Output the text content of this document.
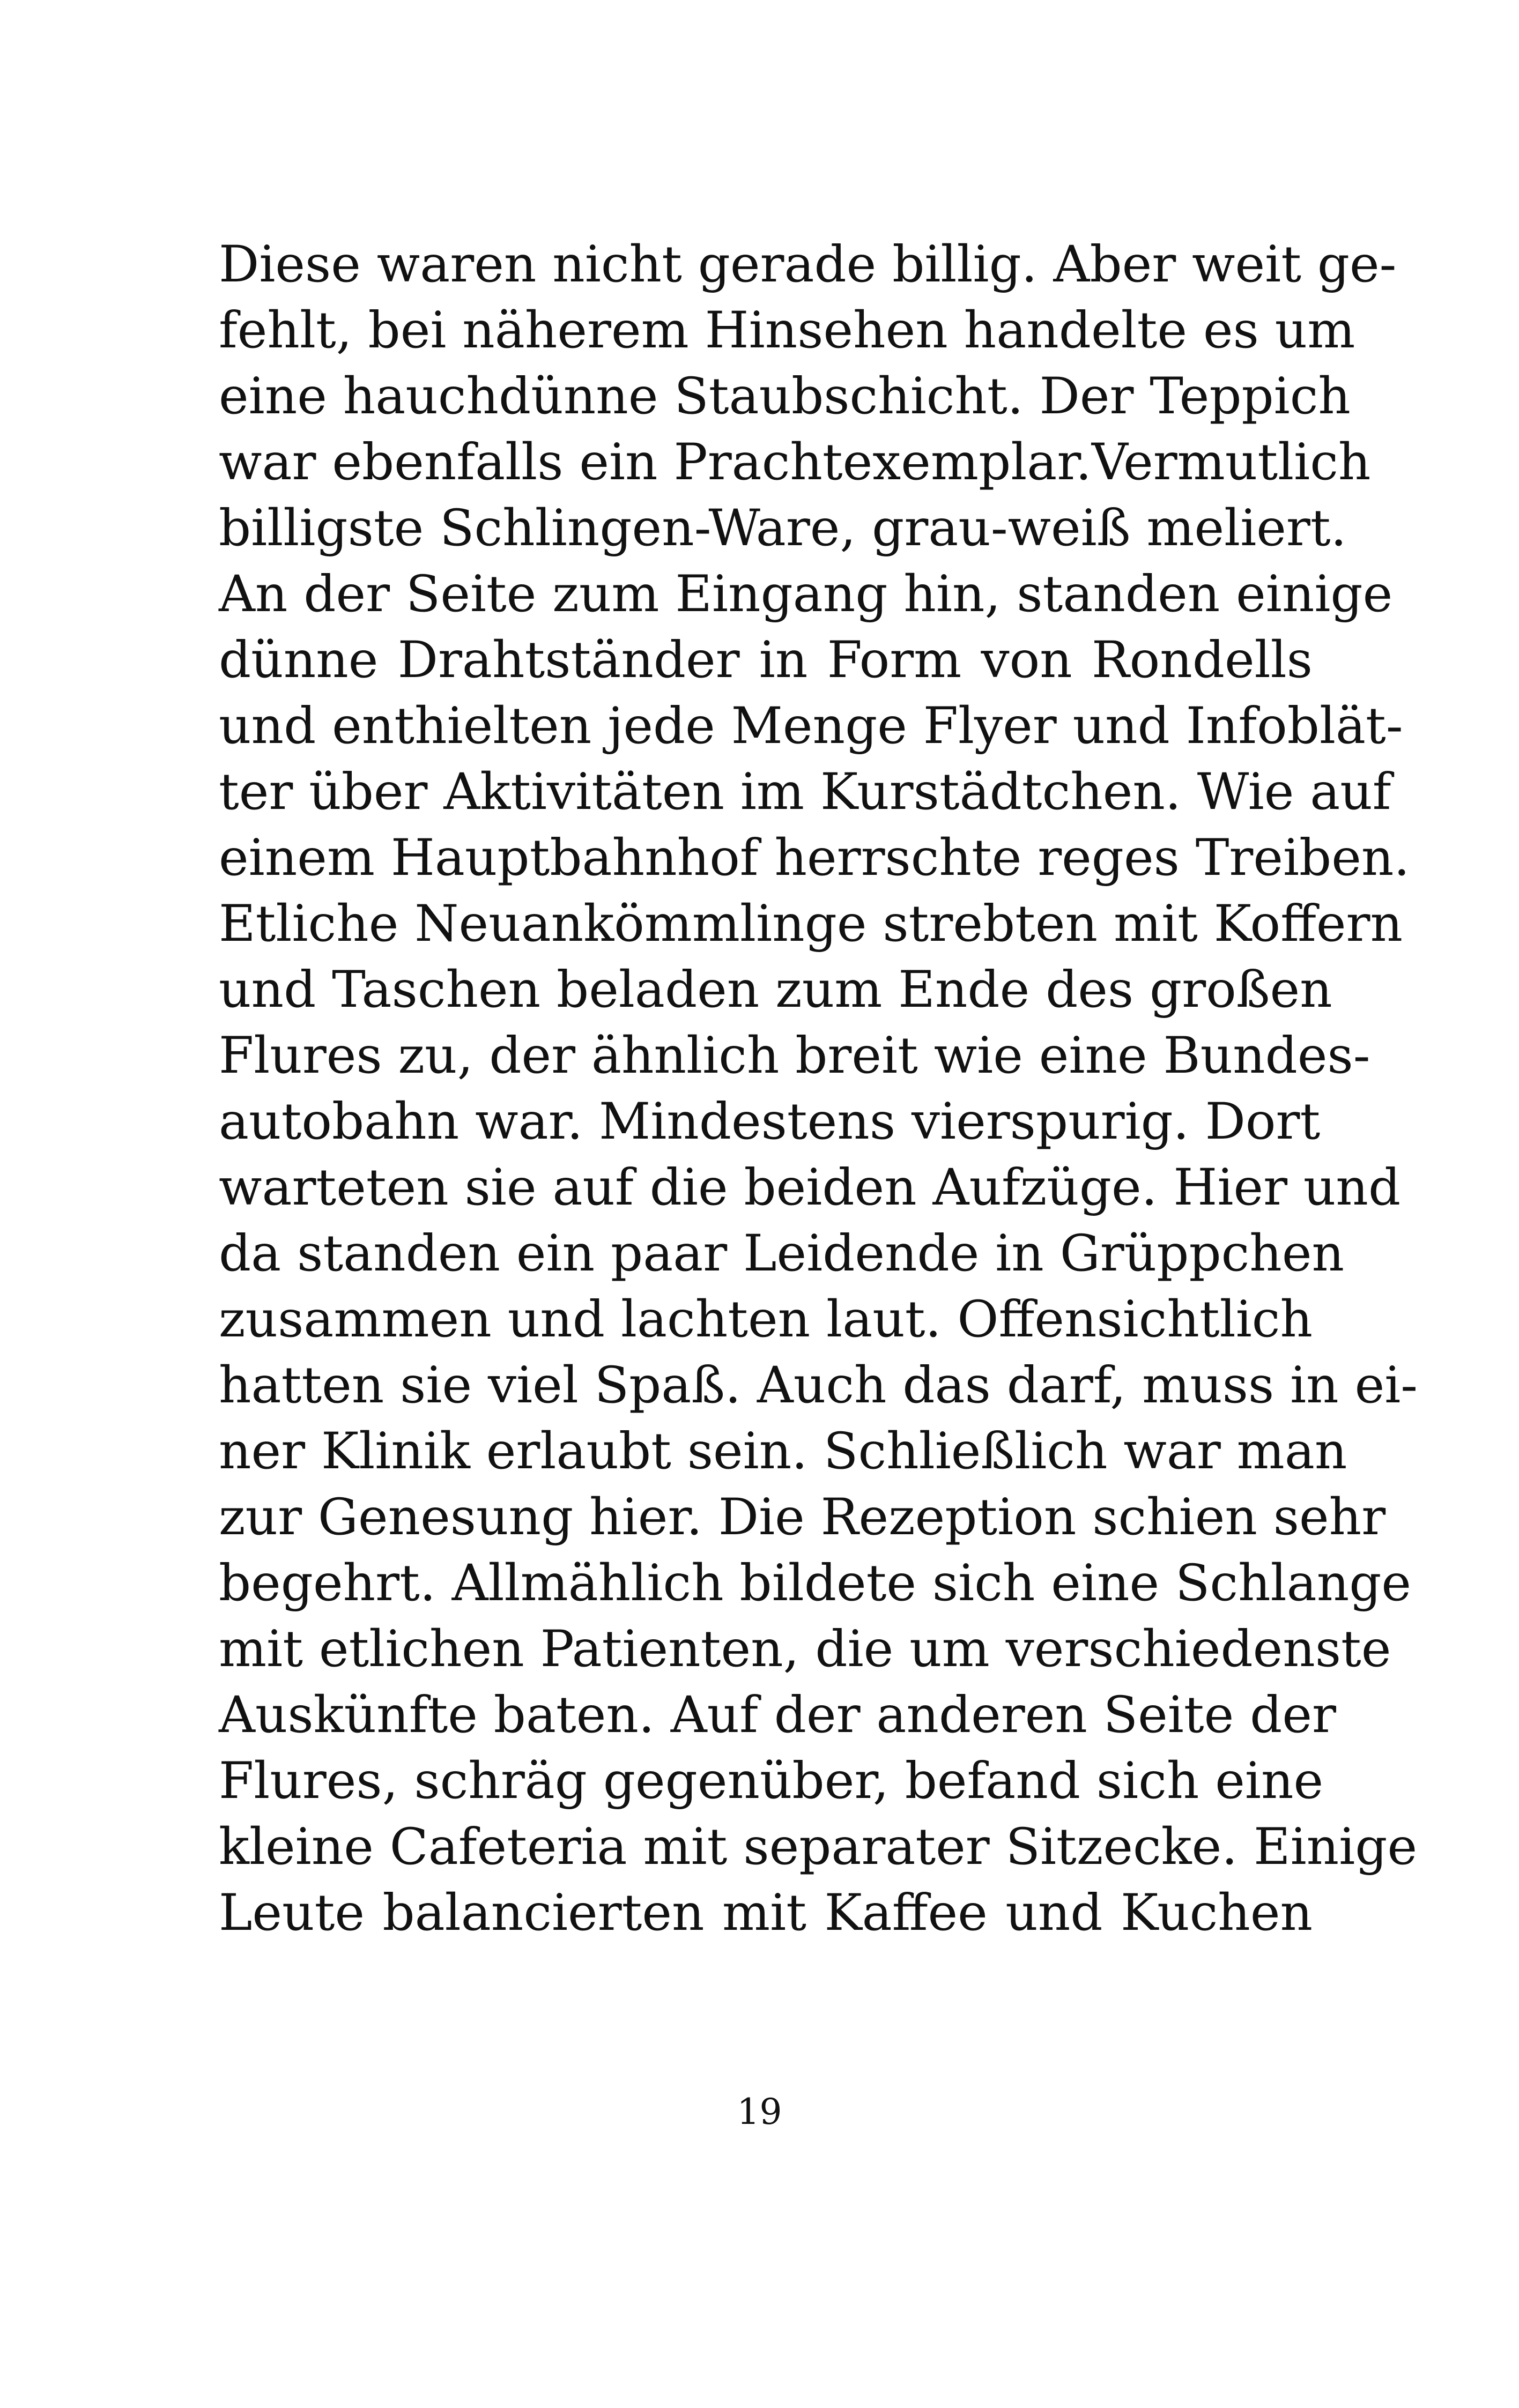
Diese waren nicht gerade billig. Aber weit ge-
fehlt, bei näherem Hinsehen handelte es um
eine hauchdünne Staubschicht. Der Teppich
war ebenfalls ein Prachtexemplar.Vermutlich
billigste Schlingen-Ware, grau-weiß meliert.
An der Seite zum Eingang hin, standen einige
dünne Drahtständer in Form von Rondells
und enthielten jede Menge Flyer und Infoblät-
ter über Aktivitäten im Kurstädtchen. Wie auf
einem Hauptbahnhof herrschte reges Treiben.
Etliche Neuankömmlinge strebten mit Koffern
und Taschen beladen zum Ende des großen
Flures zu, der ähnlich breit wie eine Bundes-
autobahn war. Mindestens vierspurig. Dort
warteten sie auf die beiden Aufzüge. Hier und
da standen ein paar Leidende in Grüppchen
zusammen und lachten laut. Offensichtlich
hatten sie viel Spaß. Auch das darf, muss in ei-
ner Klinik erlaubt sein. Schließlich war man
zur Genesung hier. Die Rezeption schien sehr
begehrt. Allmählich bildete sich eine Schlange
mit etlichen Patienten, die um verschiedenste
Auskünfte baten. Auf der anderen Seite der
Flures, schräg gegenüber, befand sich eine
kleine Cafeteria mit separater Sitzecke. Einige
Leute balancierten mit Kaffee und Kuchen
19
